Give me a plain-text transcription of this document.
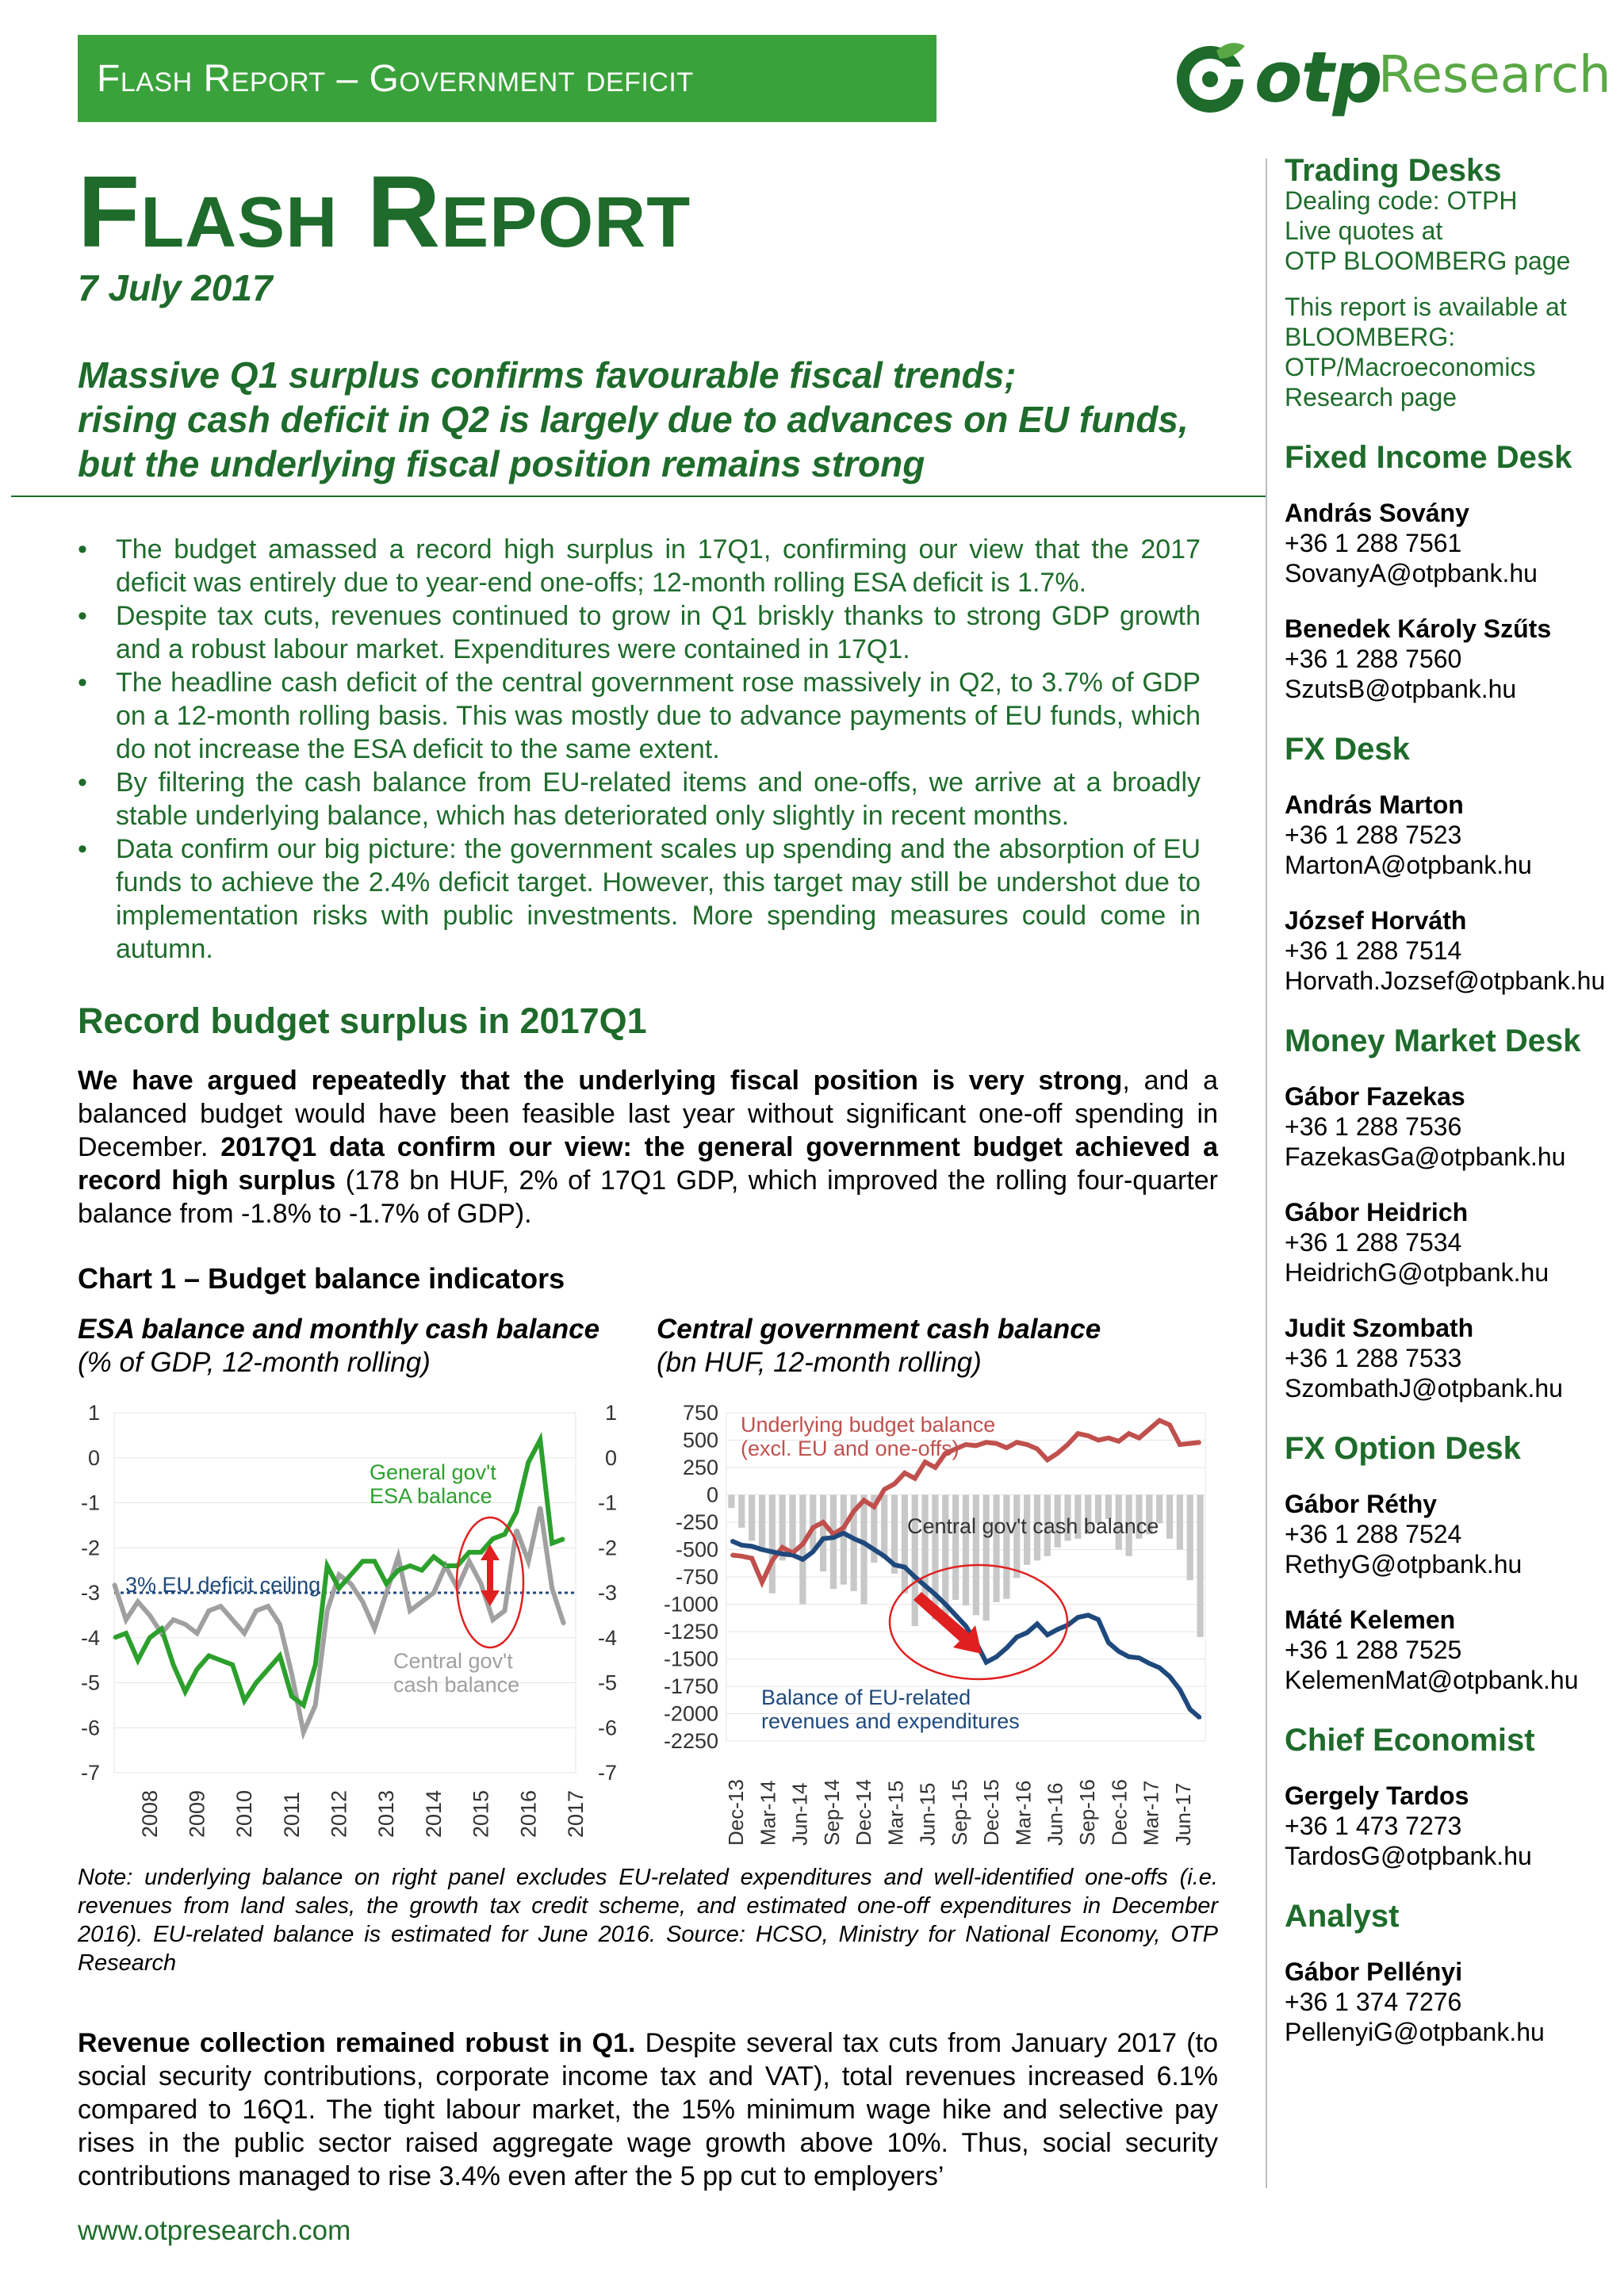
Flash Report – Government deficit	otp
Research
Flash Report
7 July 2017
Massive Q1 surplus confirms favourable fiscal trends;
rising cash deficit in Q2 is largely due to advances on EU funds,
but the underlying fiscal position remains strong
• The budget amassed a record high surplus in 17Q1, confirming our view that the 2017 deficit was entirely due to year-end one-offs; 12-month rolling ESA deficit is 1.7%.
• Despite tax cuts, revenues continued to grow in Q1 briskly thanks to strong GDP growth and a robust labour market. Expenditures were contained in 17Q1.
• The headline cash deficit of the central government rose massively in Q2, to 3.7% of GDP on a 12-month rolling basis. This was mostly due to advance payments of EU funds, which do not increase the ESA deficit to the same extent.
• By filtering the cash balance from EU-related items and one-offs, we arrive at a broadly stable underlying balance, which has deteriorated only slightly in recent months.
• Data confirm our big picture: the government scales up spending and the absorption of EU funds to achieve the 2.4% deficit target. However, this target may still be undershot due to implementation risks with public investments. More spending measures could come in autumn.
Record budget surplus in 2017Q1
We have argued repeatedly that the underlying fiscal position is very strong, and a balanced budget would have been feasible last year without significant one-off spending in December. 2017Q1 data confirm our view: the general government budget achieved a record high surplus (178 bn HUF, 2% of 17Q1 GDP, which improved the rolling four-quarter balance from -1.8% to -1.7% of GDP).
Chart 1 – Budget balance indicators
ESA balance and monthly cash balance
(% of GDP, 12-month rolling)
Central government cash balance
(bn HUF, 12-month rolling)
1
0
-1
-2
-3
-4
-5
-6
-7
1
0
-1
-2
-3
-4
-5
-6
-7
2008 2009 2010 2011 2012 2013 2014 2015 2016 2017
General gov't
ESA balance
3% EU deficit ceiling
Central gov't
cash balance
750
500
250
0
-250
-500
-750
-1000
-1250
-1500
-1750
-2000
-2250
Dec-13 Mar-14 Jun-14 Sep-14 Dec-14 Mar-15 Jun-15 Sep-15 Dec-15 Mar-16 Jun-16 Sep-16 Dec-16 Mar-17 Jun-17
Underlying budget balance
(excl. EU and one-offs)
Central gov't cash balance
Balance of EU-related
revenues and expenditures
Note: underlying balance on right panel excludes EU-related expenditures and well-identified one-offs (i.e. revenues from land sales, the growth tax credit scheme, and estimated one-off expenditures in December 2016). EU-related balance is estimated for June 2016. Source: HCSO, Ministry for National Economy, OTP Research
Revenue collection remained robust in Q1. Despite several tax cuts from January 2017 (to social security contributions, corporate income tax and VAT), total revenues increased 6.1% compared to 16Q1. The tight labour market, the 15% minimum wage hike and selective pay rises in the public sector raised aggregate wage growth above 10%. Thus, social security contributions managed to rise 3.4% even after the 5 pp cut to employers’
www.otpresearch.com
Trading Desks
Dealing code: OTPH
Live quotes at
OTP BLOOMBERG page
This report is available at
BLOOMBERG:
OTP/Macroeconomics
Research page
Fixed Income Desk
András Sovány
+36 1 288 7561
SovanyA@otpbank.hu
Benedek Károly Szűts
+36 1 288 7560
SzutsB@otpbank.hu
FX Desk
András Marton
+36 1 288 7523
MartonA@otpbank.hu
József Horváth
+36 1 288 7514
Horvath.Jozsef@otpbank.hu
Money Market Desk
Gábor Fazekas
+36 1 288 7536
FazekasGa@otpbank.hu
Gábor Heidrich
+36 1 288 7534
HeidrichG@otpbank.hu
Judit Szombath
+36 1 288 7533
SzombathJ@otpbank.hu
FX Option Desk
Gábor Réthy
+36 1 288 7524
RethyG@otpbank.hu
Máté Kelemen
+36 1 288 7525
KelemenMat@otpbank.hu
Chief Economist
Gergely Tardos
+36 1 473 7273
TardosG@otpbank.hu
Analyst
Gábor Pellényi
+36 1 374 7276
PellenyiG@otpbank.hu
